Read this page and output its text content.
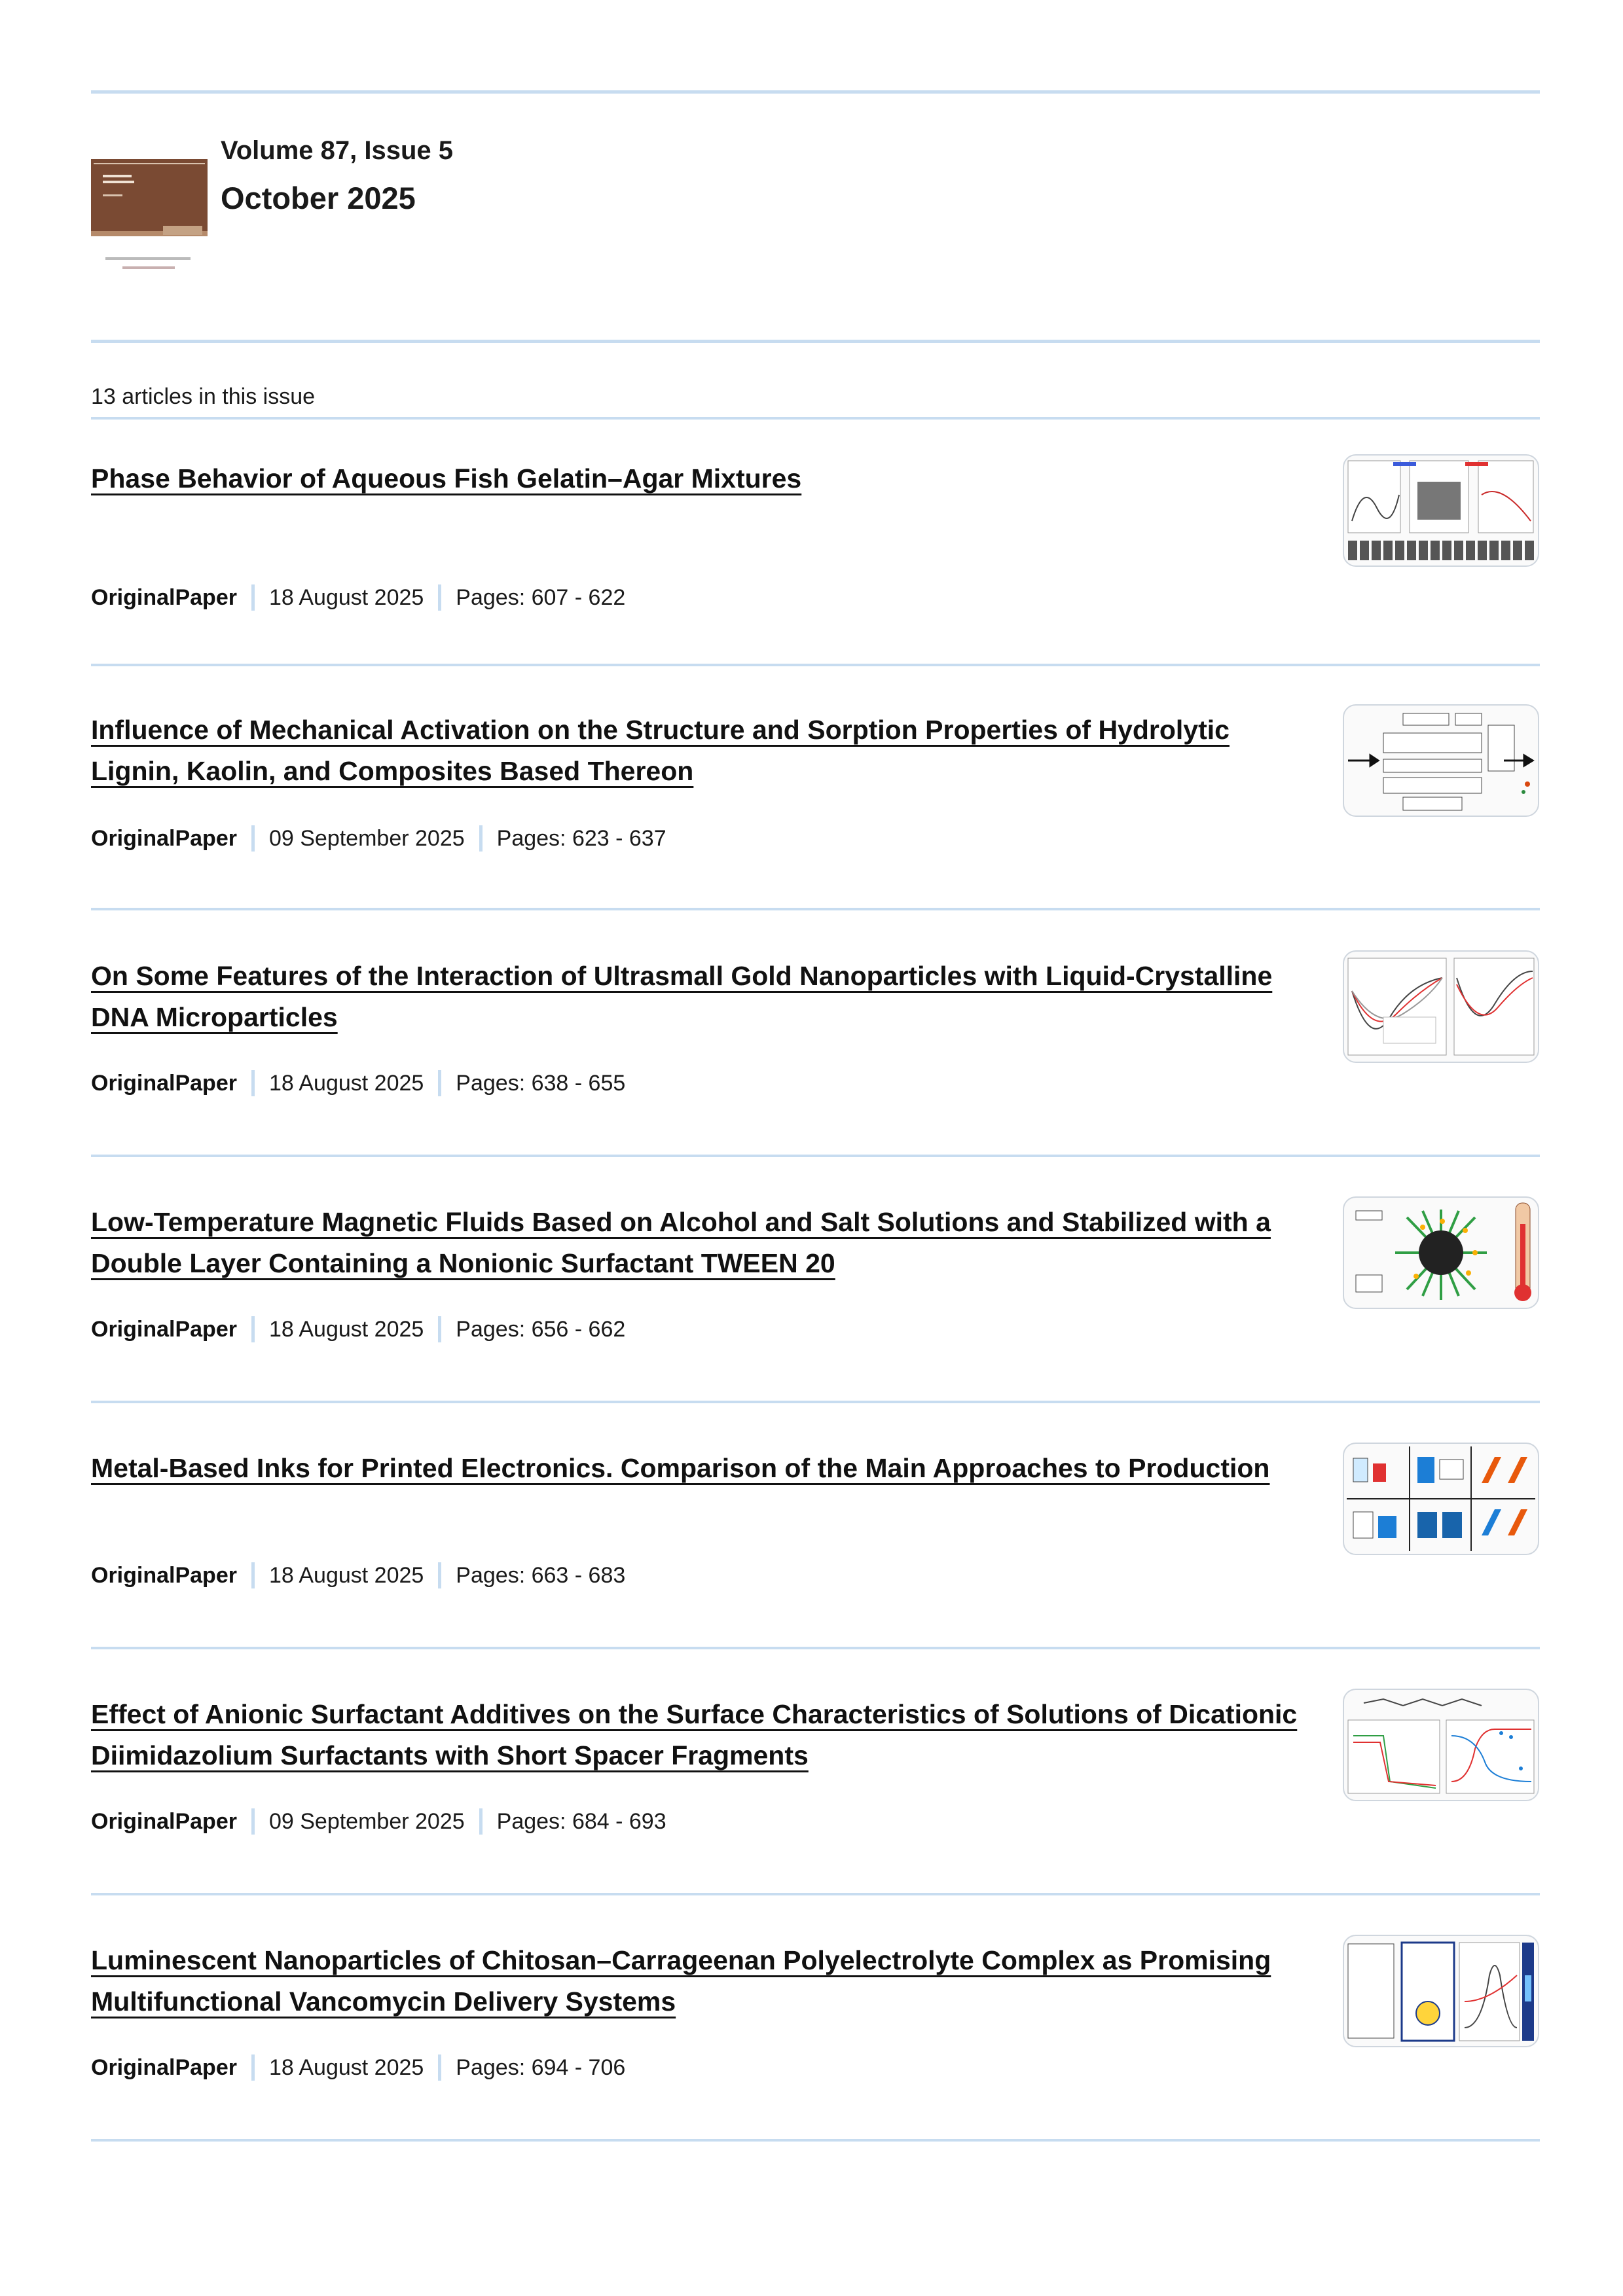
Volume 87, Issue 5
October 2025
13 articles in this issue
Phase Behavior of Aqueous Fish Gelatin–Agar Mixtures
OriginalPaper 18 August 2025 Pages: 607 - 622
Influence of Mechanical Activation on the Structure and Sorption Properties of Hydrolytic Lignin, Kaolin, and Composites Based Thereon
OriginalPaper 09 September 2025 Pages: 623 - 637
On Some Features of the Interaction of Ultrasmall Gold Nanoparticles with Liquid-Crystalline DNA Microparticles
OriginalPaper 18 August 2025 Pages: 638 - 655
Low-Temperature Magnetic Fluids Based on Alcohol and Salt Solutions and Stabilized with a Double Layer Containing a Nonionic Surfactant TWEEN 20
OriginalPaper 18 August 2025 Pages: 656 - 662
Metal-Based Inks for Printed Electronics. Comparison of the Main Approaches to Production
OriginalPaper 18 August 2025 Pages: 663 - 683
Effect of Anionic Surfactant Additives on the Surface Characteristics of Solutions of Dicationic Diimidazolium Surfactants with Short Spacer Fragments
OriginalPaper 09 September 2025 Pages: 684 - 693
Luminescent Nanoparticles of Chitosan–Carrageenan Polyelectrolyte Complex as Promising Multifunctional Vancomycin Delivery Systems
OriginalPaper 18 August 2025 Pages: 694 - 706
